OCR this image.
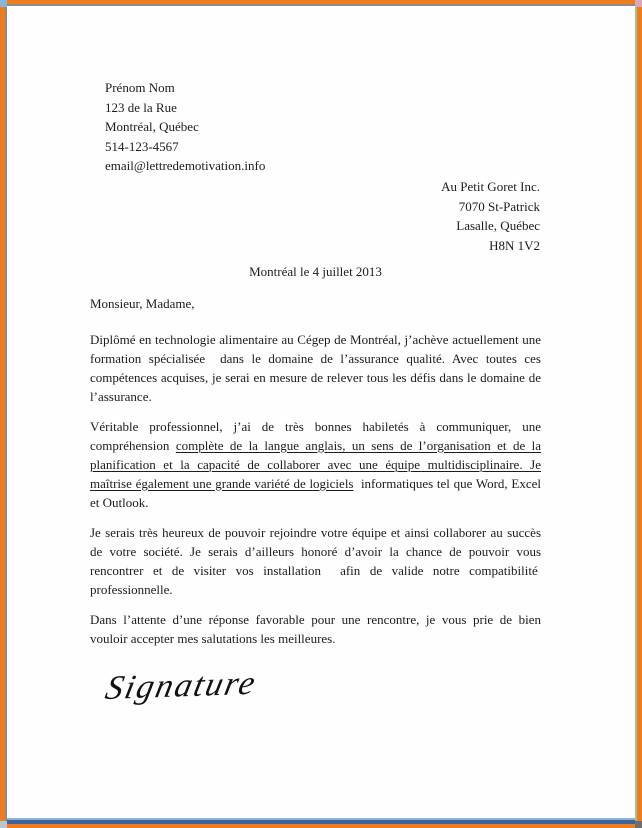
Prénom Nom
123 de la Rue
Montréal, Québec
514-123-4567
email@lettredemotivation.info
Au Petit Goret Inc.
7070 St-Patrick
Lasalle, Québec
H8N 1V2
Montréal le 4 juillet 2013
Monsieur, Madame,

Diplômé en technologie alimentaire au Cégep de Montréal, j’achève actuellement une formation spécialisée  dans le domaine de l’assurance qualité. Avec toutes ces compétences acquises, je serai en mesure de relever tous les défis dans le domaine de l’assurance.

Véritable professionnel, j’ai de très bonnes habiletés à communiquer, une compréhension complète de la langue anglais, un sens de l’organisation et de la planification et la capacité de collaborer avec une équipe multidisciplinaire. Je maîtrise également une grande variété de logiciels  informatiques tel que Word, Excel et Outlook.

Je serais très heureux de pouvoir rejoindre votre équipe et ainsi collaborer au succès de votre société. Je serais d’ailleurs honoré d’avoir la chance de pouvoir vous rencontrer et de visiter vos installation  afin de valide notre compatibilité  professionnelle.

Dans l’attente d’une réponse favorable pour une rencontre, je vous prie de bien vouloir accepter mes salutations les meilleures.

Signature
